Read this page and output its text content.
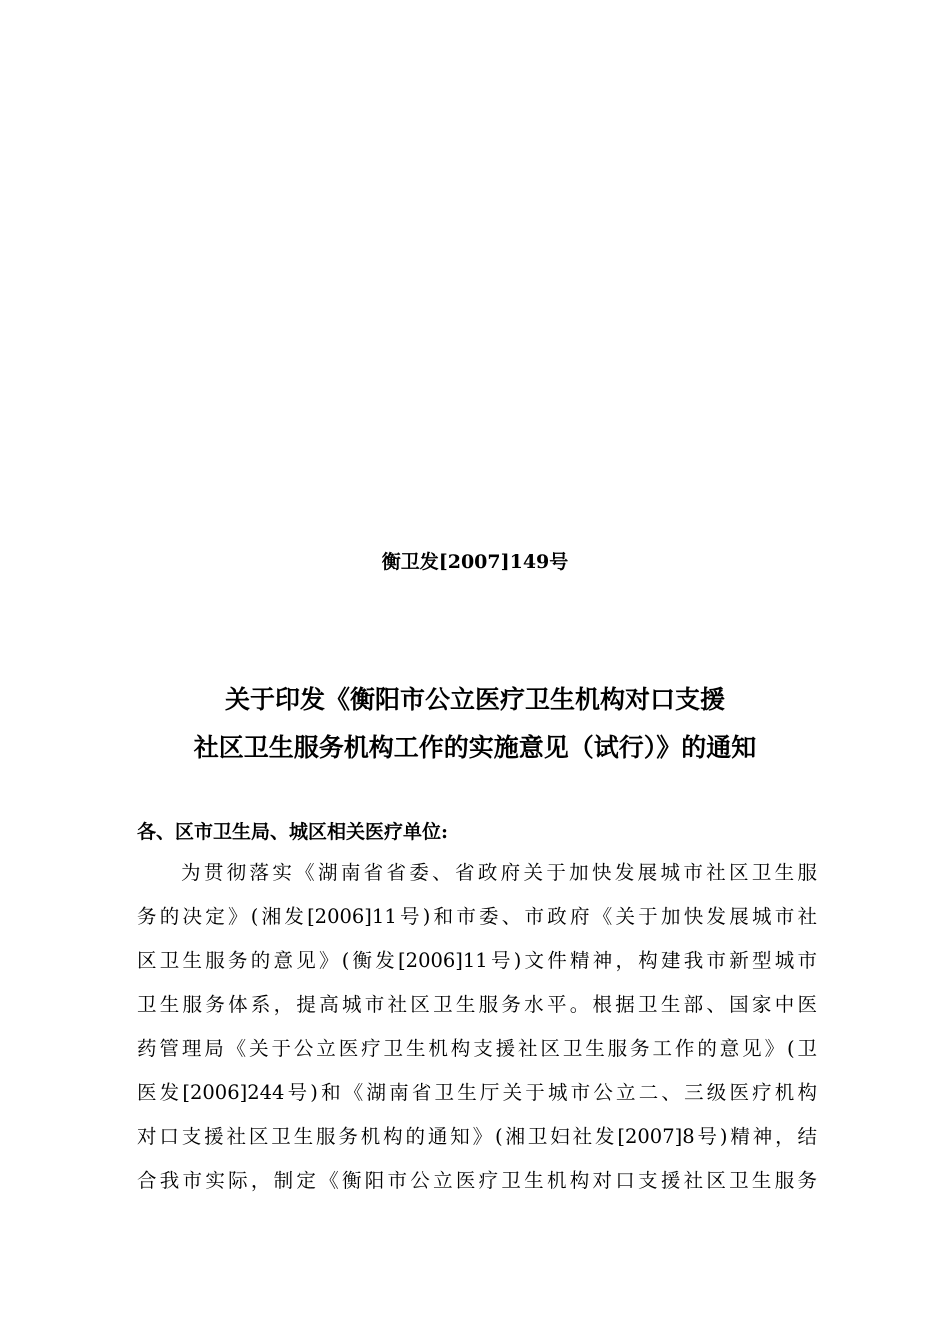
衡卫发[2007]149号
关于印发《衡阳市公立医疗卫生机构对口支援
社区卫生服务机构工作的实施意见（试行）》的通知
各、区市卫生局、城区相关医疗单位:
为贯彻落实《湖南省省委、省政府关于加快发展城市社区卫生服
务的决定》(湘发[2006]11号)和市委、市政府《关于加快发展城市社
区卫生服务的意见》(衡发[2006]11号)文件精神，构建我市新型城市
卫生服务体系，提高城市社区卫生服务水平。根据卫生部、国家中医
药管理局《关于公立医疗卫生机构支援社区卫生服务工作的意见》(卫
医发[2006]244号)和《湖南省卫生厅关于城市公立二、三级医疗机构
对口支援社区卫生服务机构的通知》(湘卫妇社发[2007]8号)精神，结
合我市实际，制定《衡阳市公立医疗卫生机构对口支援社区卫生服务
